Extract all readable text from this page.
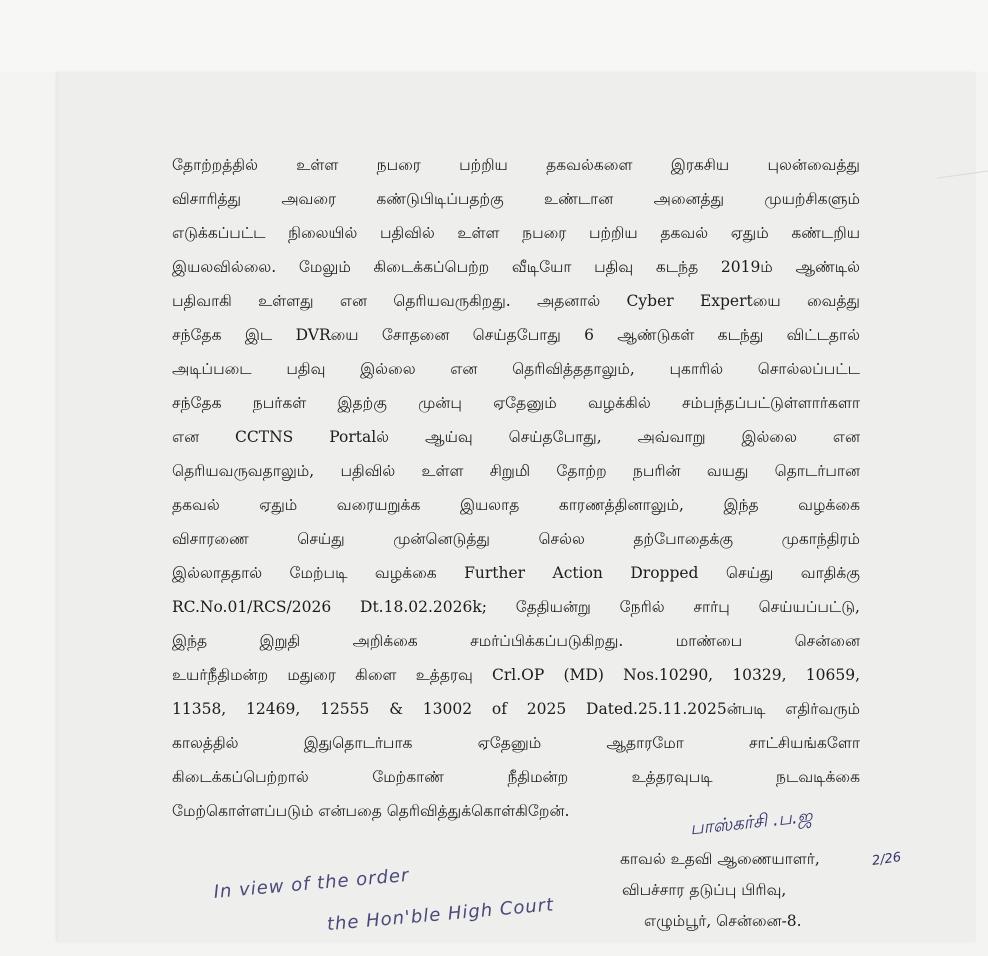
தோற்றத்தில் உள்ள நபரை பற்றிய தகவல்களை இரகசிய புலன்வைத்து
விசாரித்து அவரை கண்டுபிடிப்பதற்கு உண்டான அனைத்து முயற்சிகளும்
எடுக்கப்பட்ட நிலையில் பதிவில் உள்ள நபரை பற்றிய தகவல் ஏதும் கண்டறிய
இயலவில்லை. மேலும் கிடைக்கப்பெற்ற வீடியோ பதிவு கடந்த 2019ம் ஆண்டில்
பதிவாகி உள்ளது என தெரியவருகிறது. அதனால் Cyber Expertயை வைத்து
சந்தேக இட DVRயை சோதனை செய்தபோது 6 ஆண்டுகள் கடந்து விட்டதால்
அடிப்படை பதிவு இல்லை என தெரிவித்ததாலும், புகாரில் சொல்லப்பட்ட
சந்தேக நபர்கள் இதற்கு முன்பு ஏதேனும் வழக்கில் சம்பந்தப்பட்டுள்ளார்களா
என CCTNS Portalல் ஆய்வு செய்தபோது, அவ்வாறு இல்லை என
தெரியவருவதாலும், பதிவில் உள்ள சிறுமி தோற்ற நபரின் வயது தொடர்பான
தகவல் ஏதும் வரையறுக்க இயலாத காரணத்தினாலும், இந்த வழக்கை
விசாரணை செய்து முன்னெடுத்து செல்ல தற்போதைக்கு முகாந்திரம்
இல்லாததால் மேற்படி வழக்கை Further Action Dropped செய்து வாதிக்கு
RC.No.01/RCS/2026 Dt.18.02.2026k; தேதியன்று நேரில் சார்பு செய்யப்பட்டு,
இந்த இறுதி அறிக்கை சமர்ப்பிக்கப்படுகிறது. மாண்பை சென்னை
உயர்நீதிமன்ற மதுரை கிளை உத்தரவு Crl.OP (MD) Nos.10290, 10329, 10659,
11358, 12469, 12555 & 13002 of 2025 Dated.25.11.2025ன்படி எதிர்வரும்
காலத்தில் இதுதொடர்பாக ஏதேனும் ஆதாரமோ சாட்சியங்களோ
கிடைக்கப்பெற்றால் மேற்காண் நீதிமன்ற உத்தரவுபடி நடவடிக்கை
மேற்கொள்ளப்படும் என்பதை தெரிவித்துக்கொள்கிறேன்.	பாஸ்கர்சி .ப.ஜ
2/26
காவல் உதவி ஆணையாளர்,
விபச்சார தடுப்பு பிரிவு,
எழும்பூர், சென்னை-8.
In view of the order
the Hon'ble High Court
